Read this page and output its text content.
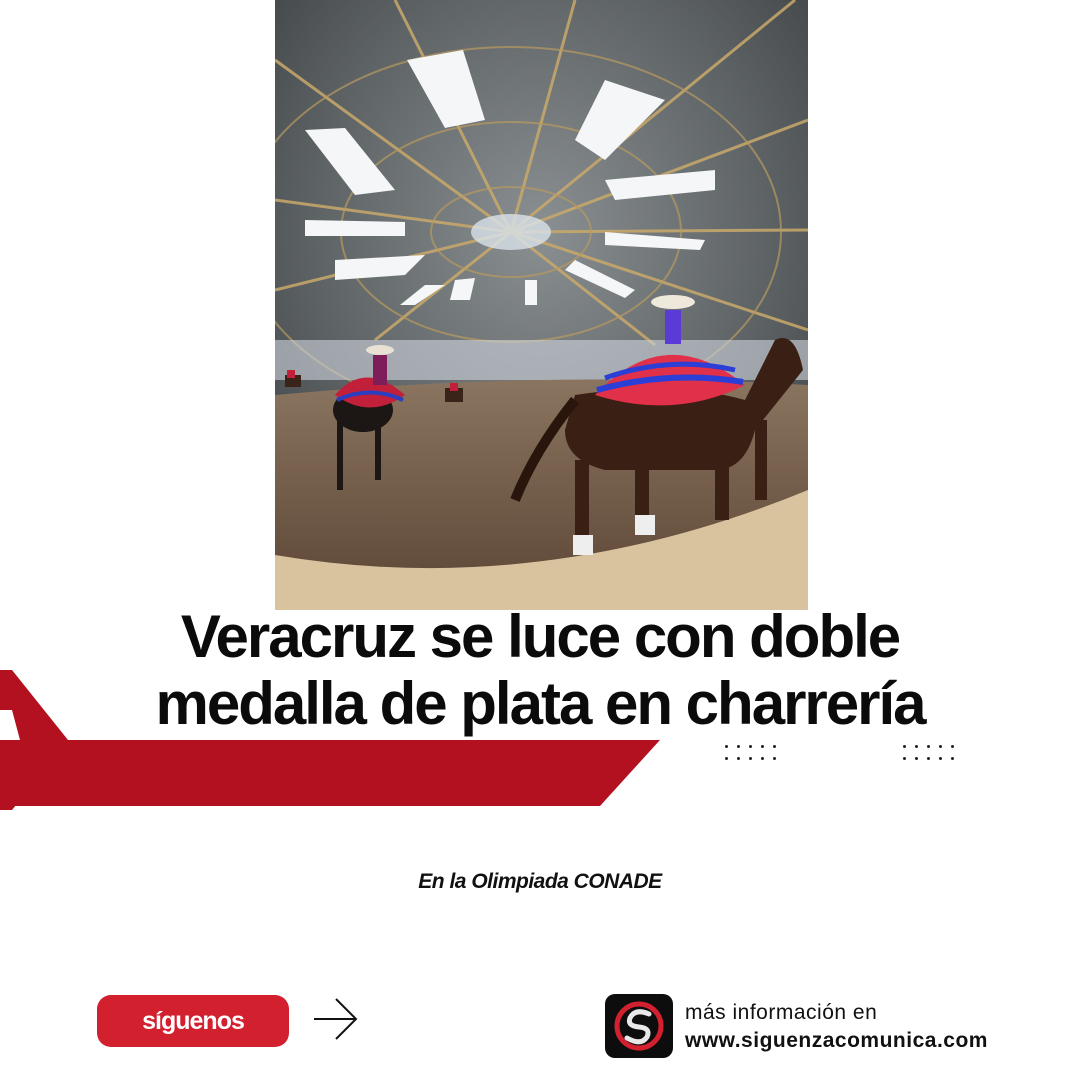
Veracruz se luce con doble
medalla de plata en charrería
En la Olimpiada CONADE
síguenos	más información en
www.siguenzacomunica.com
